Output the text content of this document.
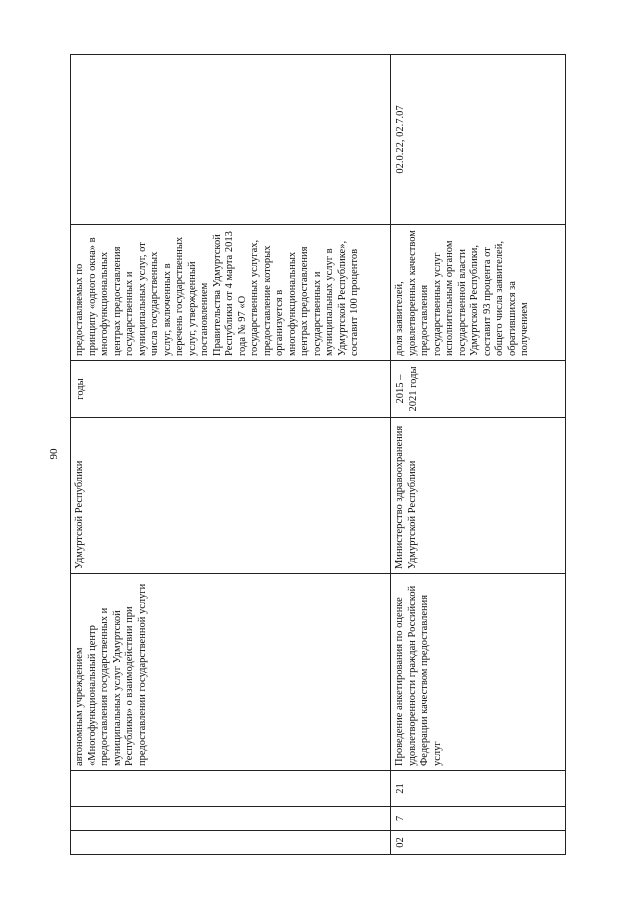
90
			автономным учреждением «Многофункциональный центр предоставления государственных и муниципальных услуг Удмуртской Республики» о взаимодействии при предоставлении государственной услуги	Удмуртской Республики	годы	предоставляемых по принципу «одного окна» в многофункциональных центрах предоставления государственных и муниципальных услуг, от числа государственных услуг, включенных в перечень государственных услуг, утвержденный постановлением Правительства Удмуртской Республики от 4 марта 2013 года № 97 «О государственных услугах, предоставление которых организуется в многофункциональных центрах предоставления государственных и муниципальных услуг в Удмуртской Республике», составит 100 процентов	
02	7	21	Проведение анкетирования по оценке удовлетворенности граждан Российской Федерации качеством предоставления услуг	Министерство здравоохранения Удмуртской Республики	2015 – 2021 годы	доля заявителей, удовлетворенных качеством предоставления государственных услуг исполнительным органом государственной власти Удмуртской Республики, составит 93 процента от общего числа заявителей, обратившихся за получением	02.0.22, 02.7.07
